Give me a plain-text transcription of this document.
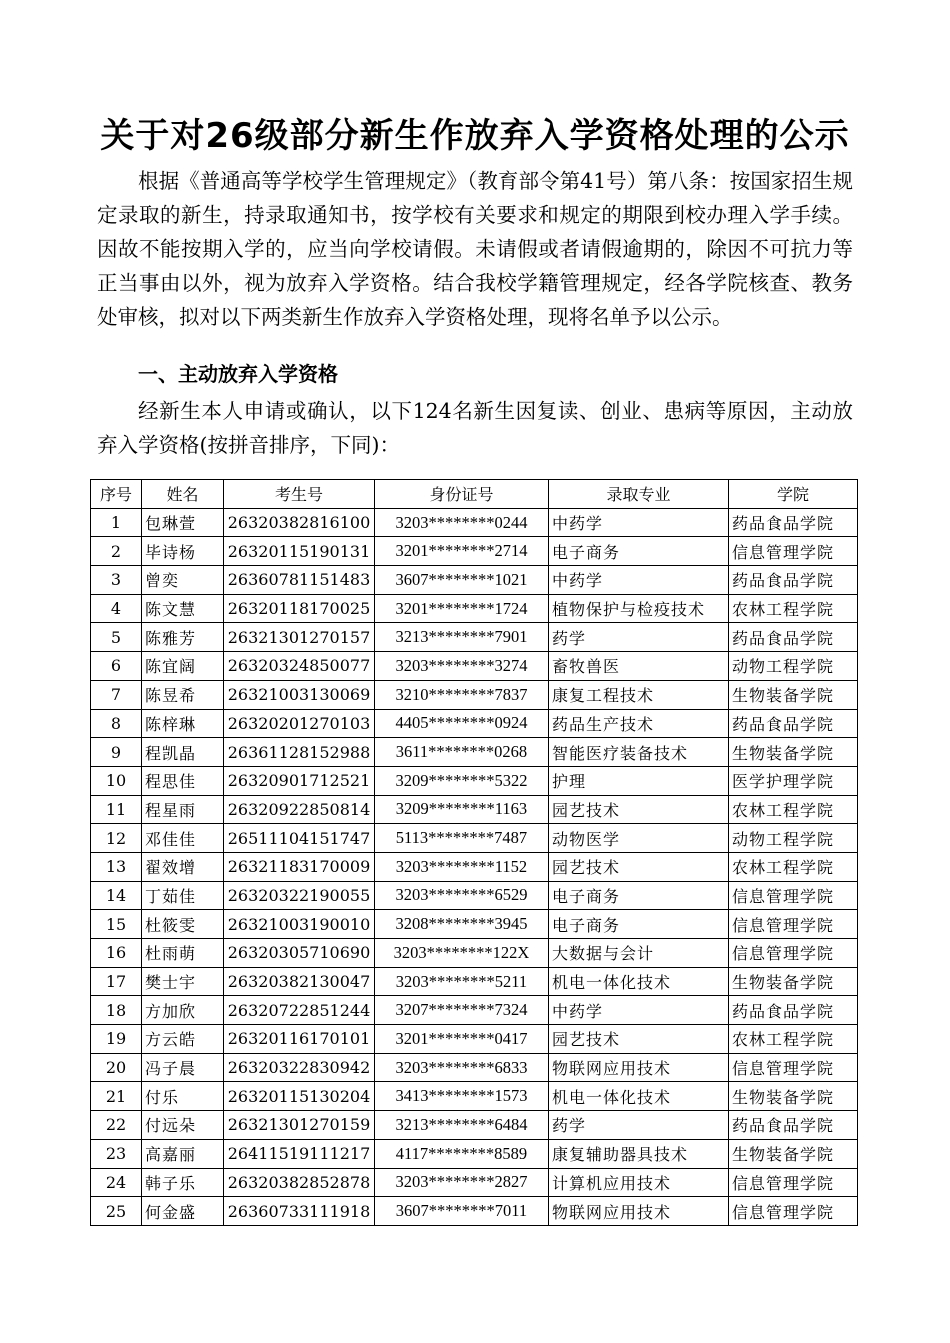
关于对26级部分新生作放弃入学资格处理的公示

根据《普通高等学校学生管理规定》（教育部令第41号）第八条：按国家招生规定录取的新生，持录取通知书，按学校有关要求和规定的期限到校办理入学手续。因故不能按期入学的，应当向学校请假。未请假或者请假逾期的，除因不可抗力等正当事由以外，视为放弃入学资格。结合我校学籍管理规定，经各学院核查、教务处审核，拟对以下两类新生作放弃入学资格处理，现将名单予以公示。

一、主动放弃入学资格

经新生本人申请或确认，以下124名新生因复读、创业、患病等原因，主动放弃入学资格(按拼音排序，下同)：

序号	姓名	考生号	身份证号	录取专业	学院
1	包琳萱	26320382816100	3203********0244	中药学	药品食品学院
2	毕诗杨	26320115190131	3201********2714	电子商务	信息管理学院
3	曾奕	26360781151483	3607********1021	中药学	药品食品学院
4	陈文慧	26320118170025	3201********1724	植物保护与检疫技术	农林工程学院
5	陈雅芳	26321301270157	3213********7901	药学	药品食品学院
6	陈宜阔	26320324850077	3203********3274	畜牧兽医	动物工程学院
7	陈昱希	26321003130069	3210********7837	康复工程技术	生物装备学院
8	陈梓琳	26320201270103	4405********0924	药品生产技术	药品食品学院
9	程凯晶	26361128152988	3611********0268	智能医疗装备技术	生物装备学院
10	程思佳	26320901712521	3209********5322	护理	医学护理学院
11	程星雨	26320922850814	3209********1163	园艺技术	农林工程学院
12	邓佳佳	26511104151747	5113********7487	动物医学	动物工程学院
13	翟效增	26321183170009	3203********1152	园艺技术	农林工程学院
14	丁茹佳	26320322190055	3203********6529	电子商务	信息管理学院
15	杜筱雯	26321003190010	3208********3945	电子商务	信息管理学院
16	杜雨萌	26320305710690	3203********122X	大数据与会计	信息管理学院
17	樊士宇	26320382130047	3203********5211	机电一体化技术	生物装备学院
18	方加欣	26320722851244	3207********7324	中药学	药品食品学院
19	方云皓	26320116170101	3201********0417	园艺技术	农林工程学院
20	冯子晨	26320322830942	3203********6833	物联网应用技术	信息管理学院
21	付乐	26320115130204	3413********1573	机电一体化技术	生物装备学院
22	付远朵	26321301270159	3213********6484	药学	药品食品学院
23	高嘉丽	26411519111217	4117********8589	康复辅助器具技术	生物装备学院
24	韩子乐	26320382852878	3203********2827	计算机应用技术	信息管理学院
25	何金盛	26360733111918	3607********7011	物联网应用技术	信息管理学院
